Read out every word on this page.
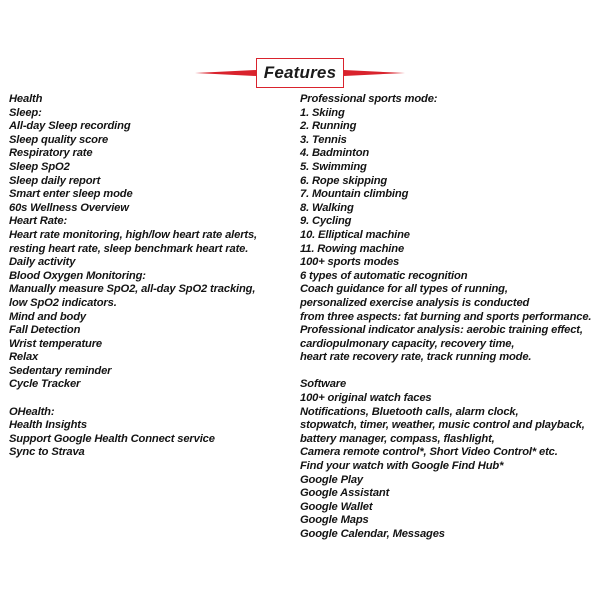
Features
Health
Sleep:
All-day Sleep recording
Sleep quality score
Respiratory rate
Sleep SpO2
Sleep daily report
Smart enter sleep mode
60s Wellness Overview
Heart Rate:
Heart rate monitoring, high/low heart rate alerts,
resting heart rate, sleep benchmark heart rate.
Daily activity
Blood Oxygen Monitoring:
Manually measure SpO2, all-day SpO2 tracking,
low SpO2 indicators.
Mind and body
Fall Detection
Wrist temperature
Relax
Sedentary reminder
Cycle Tracker
OHealth:
Health Insights
Support Google Health Connect service
Sync to Strava
Professional sports mode:
1. Skiing
2. Running
3. Tennis
4. Badminton
5. Swimming
6. Rope skipping
7. Mountain climbing
8. Walking
9. Cycling
10. Elliptical machine
11. Rowing machine
100+ sports modes
6 types of automatic recognition
Coach guidance for all types of running,
personalized exercise analysis is conducted
from three aspects: fat burning and sports performance.
Professional indicator analysis: aerobic training effect,
cardiopulmonary capacity, recovery time,
heart rate recovery rate, track running mode.
Software
100+ original watch faces
Notifications, Bluetooth calls, alarm clock,
stopwatch, timer, weather, music control and playback,
battery manager, compass, flashlight,
Camera remote control*, Short Video Control* etc.
Find your watch with Google Find Hub*
Google Play
Google Assistant
Google Wallet
Google Maps
Google Calendar, Messages
